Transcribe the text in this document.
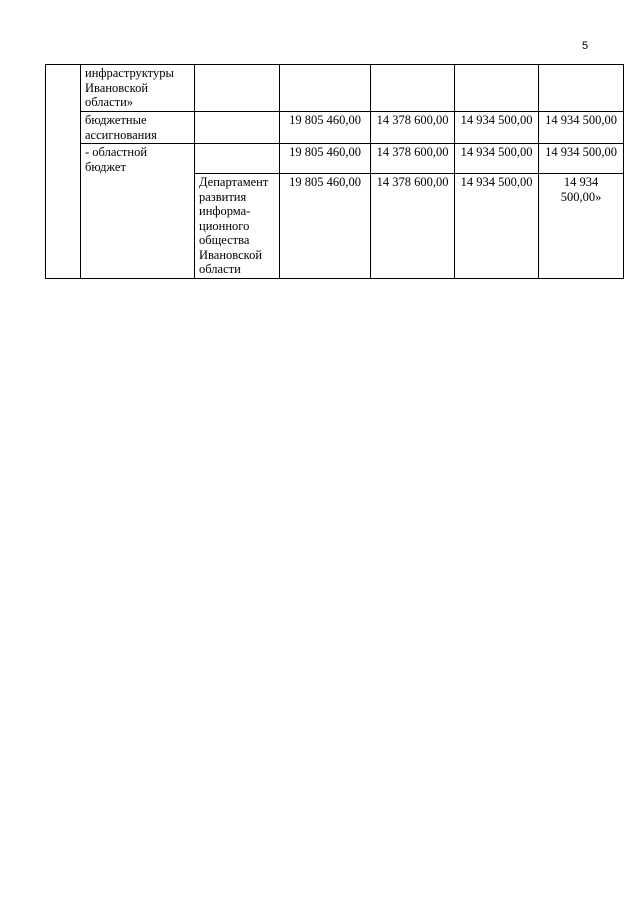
5
	инфраструктуры Ивановской области»					
	бюджетные ассигнования		19 805 460,00	14 378 600,00	14 934 500,00	14 934 500,00
	- областной бюджет		19 805 460,00	14 378 600,00	14 934 500,00	14 934 500,00
		Департамент развития информа-ционного общества Ивановской области	19 805 460,00	14 378 600,00	14 934 500,00	14 934 500,00»
